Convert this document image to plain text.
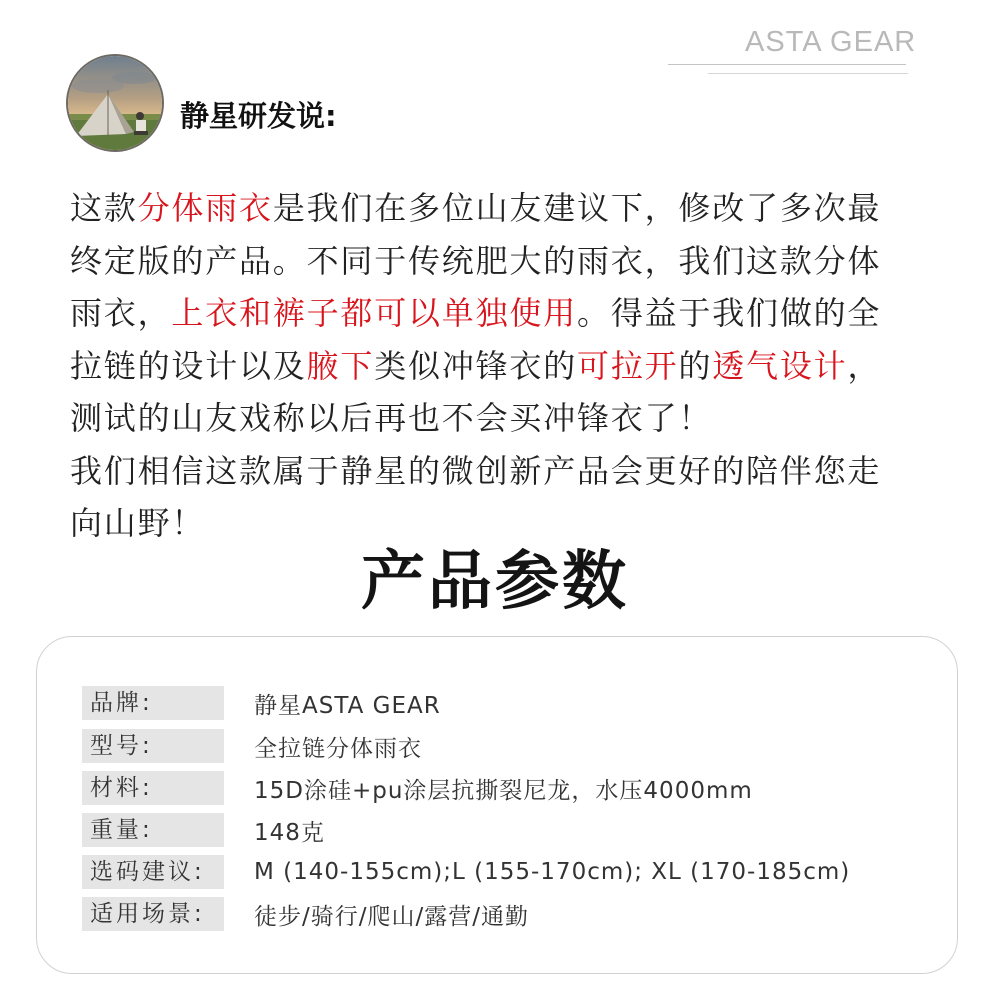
ASTA GEAR
静星研发说:
这款分体雨衣是我们在多位山友建议下，修改了多次最
终定版的产品。不同于传统肥大的雨衣，我们这款分体
雨衣，上衣和裤子都可以单独使用。得益于我们做的全
拉链的设计以及腋下类似冲锋衣的可拉开的透气设计，
测试的山友戏称以后再也不会买冲锋衣了！
我们相信这款属于静星的微创新产品会更好的陪伴您走
向山野！
产品参数
品牌:	静星ASTA GEAR
型号:	全拉链分体雨衣
材料:	15D涂硅+pu涂层抗撕裂尼龙，水压4000mm
重量:	148克
选码建议:	M (140-155cm);L (155-170cm); XL (170-185cm)
适用场景:	徒步/骑行/爬山/露营/通勤
